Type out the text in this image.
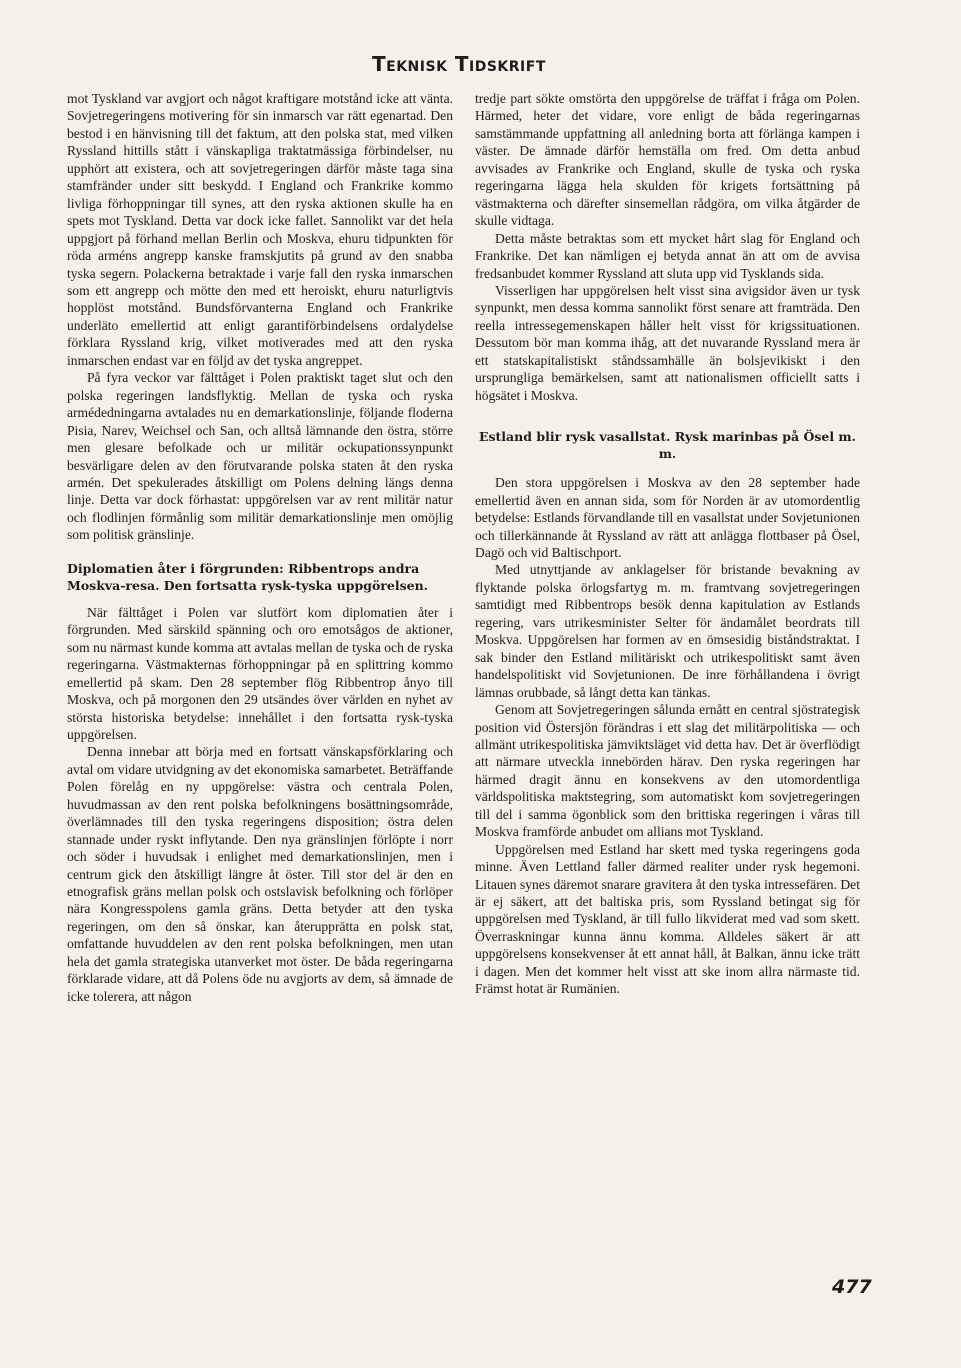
Teknisk Tidskrift

mot Tyskland var avgjort och något kraftigare motstånd icke att vänta. Sovjetregeringens motivering för sin inmarsch var rätt egenartad. Den bestod i en hänvisning till det faktum, att den polska stat, med vilken Ryssland hittills stått i vänskapliga traktatmässiga förbindelser, nu upphört att existera, och att sovjetregeringen därför måste taga sina stamfränder under sitt beskydd. I England och Frankrike kommo livliga förhoppningar till synes, att den ryska aktionen skulle ha en spets mot Tyskland. Detta var dock icke fallet. Sannolikt var det hela uppgjort på förhand mellan Berlin och Moskva, ehuru tidpunkten för röda arméns angrepp kanske framskjutits på grund av den snabba tyska segern. Polackerna betraktade i varje fall den ryska inmarschen som ett angrepp och mötte den med ett heroiskt, ehuru naturligtvis hopplöst motstånd. Bundsförvanterna England och Frankrike underläto emellertid att enligt garantiförbindelsens ordalydelse förklara Ryssland krig, vilket motiverades med att den ryska inmarschen endast var en följd av det tyska angreppet.

På fyra veckor var fälttåget i Polen praktiskt taget slut och den polska regeringen landsflyktig. Mellan de tyska och ryska armédedningarna avtalades nu en demarkationslinje, följande floderna Pisia, Narev, Weichsel och San, och alltså lämnande den östra, större men glesare befolkade och ur militär ockupationssynpunkt besvärligare delen av den förutvarande polska staten åt den ryska armén. Det spekulerades åtskilligt om Polens delning längs denna linje. Detta var dock förhastat: uppgörelsen var av rent militär natur och flodlinjen förmånlig som militär demarkationslinje men omöjlig som politisk gränslinje.

Diplomatien åter i förgrunden: Ribbentrops andra Moskva-resa. Den fortsatta rysk-tyska uppgörelsen.

När fälttåget i Polen var slutfört kom diplomatien åter i förgrunden. Med särskild spänning och oro emotsågos de aktioner, som nu närmast kunde komma att avtalas mellan de tyska och de ryska regeringarna. Västmakternas förhoppningar på en splittring kommo emellertid på skam. Den 28 september flög Ribbentrop ånyo till Moskva, och på morgonen den 29 utsändes över världen en nyhet av största historiska betydelse: innehållet i den fortsatta rysk-tyska uppgörelsen.

Denna innebar att börja med en fortsatt vänskapsförklaring och avtal om vidare utvidgning av det ekonomiska samarbetet. Beträffande Polen förelåg en ny uppgörelse: västra och centrala Polen, huvudmassan av den rent polska befolkningens bosättningsområde, överlämnades till den tyska regeringens disposition; östra delen stannade under ryskt inflytande. Den nya gränslinjen förlöpte i norr och söder i huvudsak i enlighet med demarkationslinjen, men i centrum gick den åtskilligt längre åt öster. Till stor del är den en etnografisk gräns mellan polsk och ostslavisk befolkning och förlöper nära Kongresspolens gamla gräns. Detta betyder att den tyska regeringen, om den så önskar, kan återupprätta en polsk stat, omfattande huvuddelen av den rent polska befolkningen, men utan hela det gamla strategiska utanverket mot öster. De båda regeringarna förklarade vidare, att då Polens öde nu avgjorts av dem, så ämnade de icke tolerera, att någon

tredje part sökte omstörta den uppgörelse de träffat i fråga om Polen. Härmed, heter det vidare, vore enligt de båda regeringarnas samstämmande uppfattning all anledning borta att förlänga kampen i väster. De ämnade därför hemställa om fred. Om detta anbud avvisades av Frankrike och England, skulle de tyska och ryska regeringarna lägga hela skulden för krigets fortsättning på västmakterna och därefter sinsemellan rådgöra, om vilka åtgärder de skulle vidtaga.

Detta måste betraktas som ett mycket hårt slag för England och Frankrike. Det kan nämligen ej betyda annat än att om de avvisa fredsanbudet kommer Ryssland att sluta upp vid Tysklands sida.

Visserligen har uppgörelsen helt visst sina avigsidor även ur tysk synpunkt, men dessa komma sannolikt först senare att framträda. Den reella intressegemenskapen håller helt visst för krigssituationen. Dessutom bör man komma ihåg, att det nuvarande Ryssland mera är ett statskapitalistiskt ståndssamhälle än bolsjevikiskt i den ursprungliga bemärkelsen, samt att nationalismen officiellt satts i högsätet i Moskva.

Estland blir rysk vasallstat. Rysk marinbas på Ösel m. m.

Den stora uppgörelsen i Moskva av den 28 september hade emellertid även en annan sida, som för Norden är av utomordentlig betydelse: Estlands förvandlande till en vasallstat under Sovjetunionen och tillerkännande åt Ryssland av rätt att anlägga flottbaser på Ösel, Dagö och vid Baltischport.

Med utnyttjande av anklagelser för bristande bevakning av flyktande polska örlogsfartyg m. m. framtvang sovjetregeringen samtidigt med Ribbentrops besök denna kapitulation av Estlands regering, vars utrikesminister Selter för ändamålet beordrats till Moskva. Uppgörelsen har formen av en ömsesidig biståndstraktat. I sak binder den Estland militäriskt och utrikespolitiskt samt även handelspolitiskt vid Sovjetunionen. De inre förhållandena i övrigt lämnas orubbade, så långt detta kan tänkas.

Genom att Sovjetregeringen sålunda ernått en central sjöstrategisk position vid Östersjön förändras i ett slag det militärpolitiska — och allmänt utrikespolitiska jämviktsläget vid detta hav. Det är överflödigt att närmare utveckla innebörden härav. Den ryska regeringen har härmed dragit ännu en konsekvens av den utomordentliga världspolitiska maktstegring, som automatiskt kom sovjetregeringen till del i samma ögonblick som den brittiska regeringen i våras till Moskva framförde anbudet om allians mot Tyskland.

Uppgörelsen med Estland har skett med tyska regeringens goda minne. Även Lettland faller därmed realiter under rysk hegemoni. Litauen synes däremot snarare gravitera åt den tyska intressefären. Det är ej säkert, att det baltiska pris, som Ryssland betingat sig för uppgörelsen med Tyskland, är till fullo likviderat med vad som skett. Överraskningar kunna ännu komma. Alldeles säkert är att uppgörelsens konsekvenser åt ett annat håll, åt Balkan, ännu icke trätt i dagen. Men det kommer helt visst att ske inom allra närmaste tid. Främst hotat är Rumänien.

477
